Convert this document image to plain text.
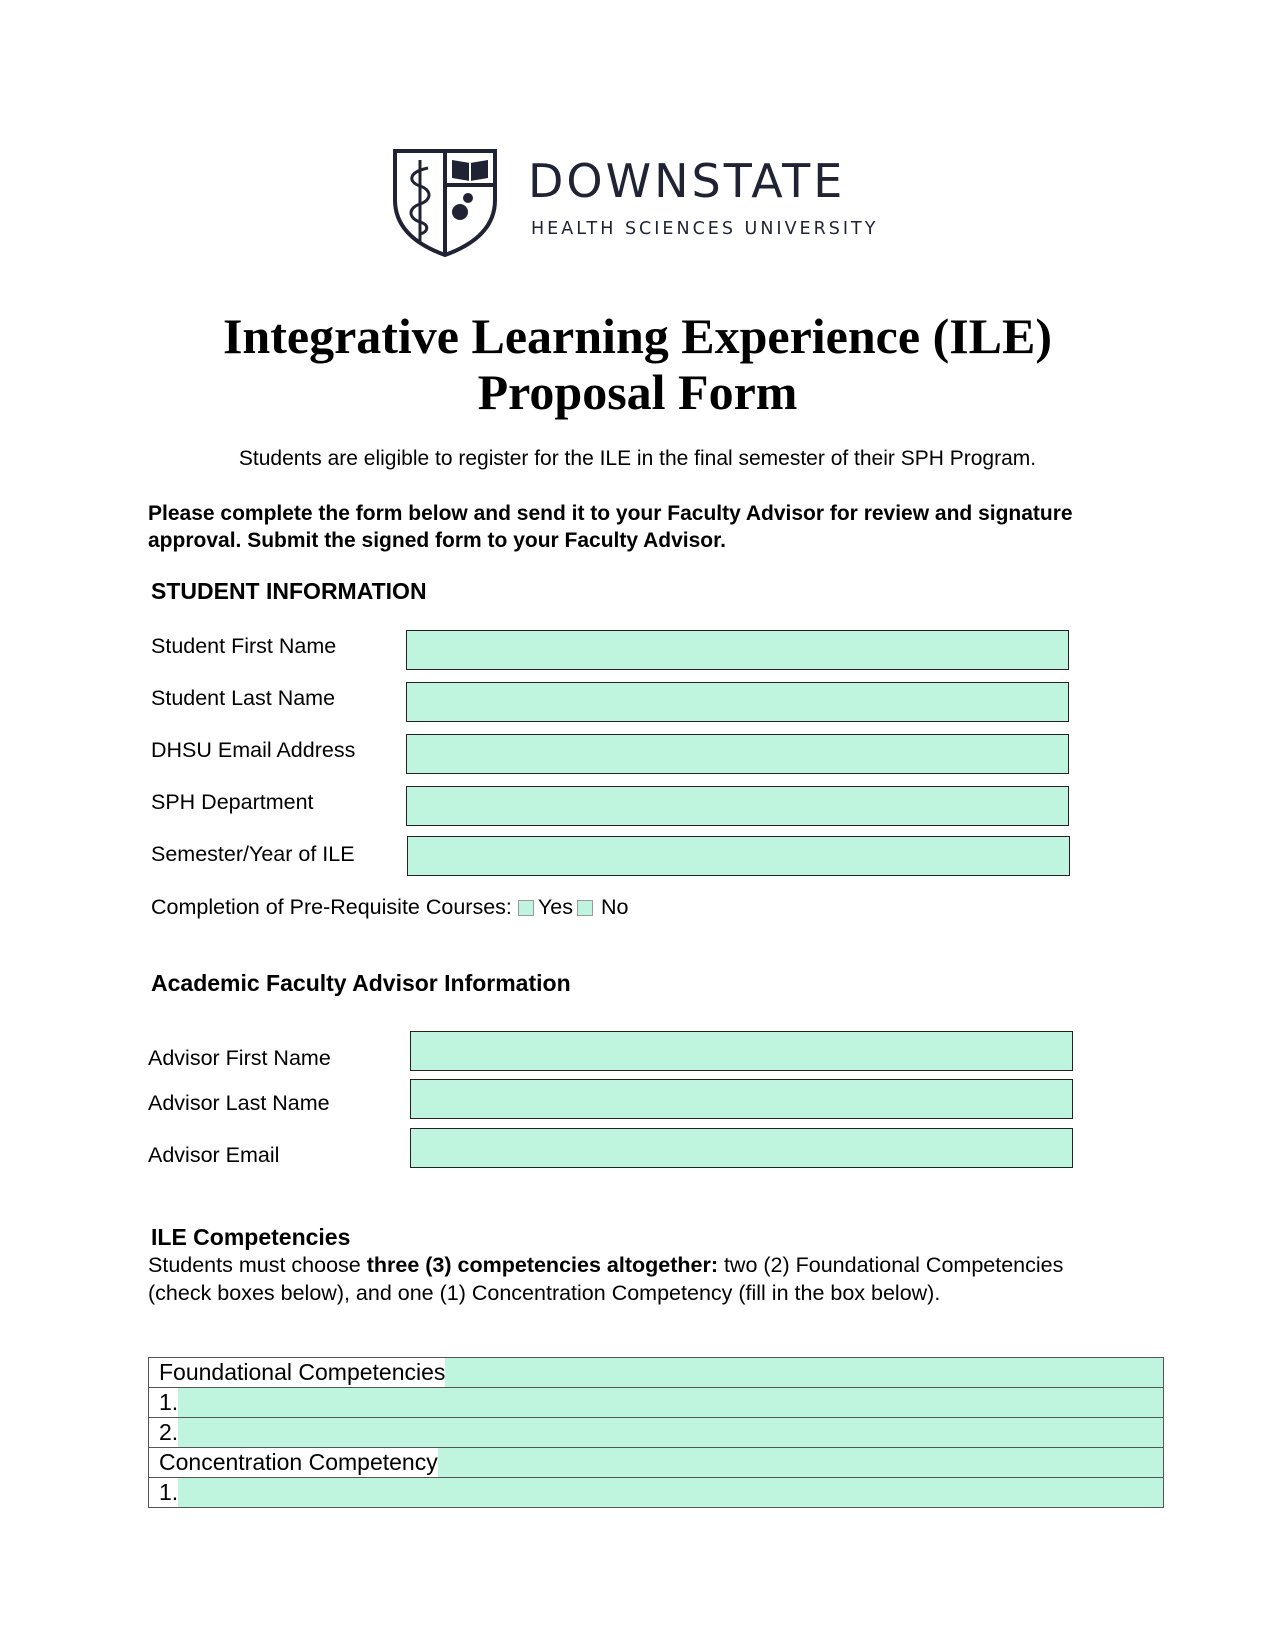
DOWNSTATE
HEALTH SCIENCES UNIVERSITY
Integrative Learning Experience (ILE)
Proposal Form
Students are eligible to register for the ILE in the final semester of their SPH Program.
Please complete the form below and send it to your Faculty Advisor for review and signature approval. Submit the signed form to your Faculty Advisor.
STUDENT INFORMATION
Student First Name
Student Last Name
DHSU Email Address
SPH Department
Semester/Year of ILE
Completion of Pre-Requisite Courses: Yes No
Academic Faculty Advisor Information
Advisor First Name
Advisor Last Name
Advisor Email
ILE Competencies
Students must choose three (3) competencies altogether: two (2) Foundational Competencies (check boxes below), and one (1) Concentration Competency (fill in the box below).
Foundational Competencies

1.

2.

Concentration Competency

1.
